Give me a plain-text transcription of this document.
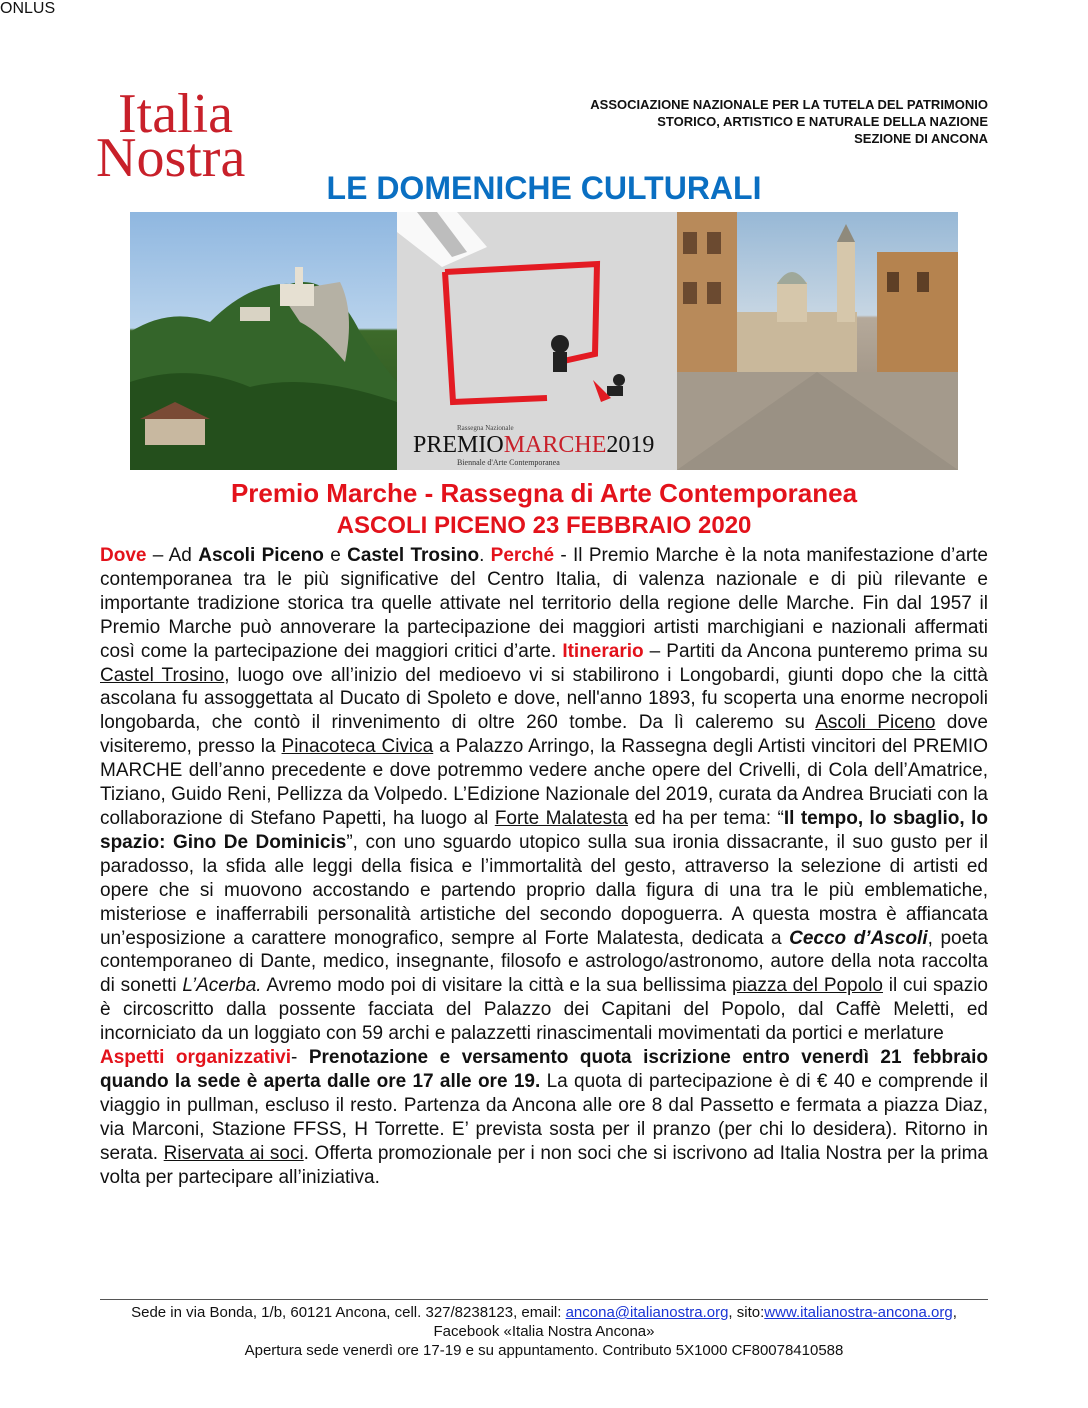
Italia
Nostra
ONLUS
ASSOCIAZIONE NAZIONALE PER LA TUTELA DEL PATRIMONIO
STORICO, ARTISTICO E NATURALE DELLA NAZIONE
SEZIONE DI ANCONA
LE DOMENICHE CULTURALI
Rassegna Nazionale
PREMIOMARCHE2019
Biennale d'Arte Contemporanea
Premio Marche - Rassegna di Arte Contemporanea
ASCOLI PICENO 23 FEBBRAIO 2020
Dove – Ad Ascoli Piceno e Castel Trosino. Perché - Il Premio Marche è la nota manifestazione d’arte contemporanea tra le più significative del Centro Italia, di valenza nazionale e di più rilevante e importante tradizione storica tra quelle attivate nel territorio della regione delle Marche. Fin dal 1957 il Premio Marche può annoverare la partecipazione dei maggiori artisti marchigiani e nazionali affermati così come la partecipazione dei maggiori critici d’arte. Itinerario – Partiti da Ancona punteremo prima su Castel Trosino, luogo ove all’inizio del medioevo vi si stabilirono i Longobardi, giunti dopo che la città ascolana fu assoggettata al Ducato di Spoleto e dove, nell'anno 1893, fu scoperta una enorme necropoli longobarda, che contò il rinvenimento di oltre 260 tombe. Da lì caleremo su Ascoli Piceno dove visiteremo, presso la Pinacoteca Civica a Palazzo Arringo, la Rassegna degli Artisti vincitori del PREMIO MARCHE dell’anno precedente e dove potremmo vedere anche opere del Crivelli, di Cola dell’Amatrice, Tiziano, Guido Reni, Pellizza da Volpedo. L’Edizione Nazionale del 2019, curata da Andrea Bruciati con la collaborazione di Stefano Papetti, ha luogo al Forte Malatesta ed ha per tema: “Il tempo, lo sbaglio, lo spazio: Gino De Dominicis”, con uno sguardo utopico sulla sua ironia dissacrante, il suo gusto per il paradosso, la sfida alle leggi della fisica e l’immortalità del gesto, attraverso la selezione di artisti ed opere che si muovono accostando e partendo proprio dalla figura di una tra le più emblematiche, misteriose e inafferrabili personalità artistiche del secondo dopoguerra. A questa mostra è affiancata un’esposizione a carattere monografico, sempre al Forte Malatesta, dedicata a Cecco d’Ascoli, poeta contemporaneo di Dante, medico, insegnante, filosofo e astrologo/astronomo, autore della nota raccolta di sonetti L’Acerba. Avremo modo poi di visitare la città e la sua bellissima piazza del Popolo il cui spazio è circoscritto dalla possente facciata del Palazzo dei Capitani del Popolo, dal Caffè Meletti, ed incorniciato da un loggiato con 59 archi e palazzetti rinascimentali movimentati da portici e merlature
Aspetti organizzativi- Prenotazione e versamento quota iscrizione entro venerdì 21 febbraio quando la sede è aperta dalle ore 17 alle ore 19. La quota di partecipazione è di € 40 e comprende il viaggio in pullman, escluso il resto. Partenza da Ancona alle ore 8 dal Passetto e fermata a piazza Diaz, via Marconi, Stazione FFSS, H Torrette. E’ prevista sosta per il pranzo (per chi lo desidera). Ritorno in serata. Riservata ai soci. Offerta promozionale per i non soci che si iscrivono ad Italia Nostra per la prima volta per partecipare all’iniziativa.
Sede in via Bonda, 1/b, 60121 Ancona, cell. 327/8238123, email: ancona@italianostra.org, sito:www.italianostra-ancona.org, Facebook «Italia Nostra Ancona»
Apertura sede venerdì ore 17-19 e su appuntamento. Contributo 5X1000 CF80078410588
